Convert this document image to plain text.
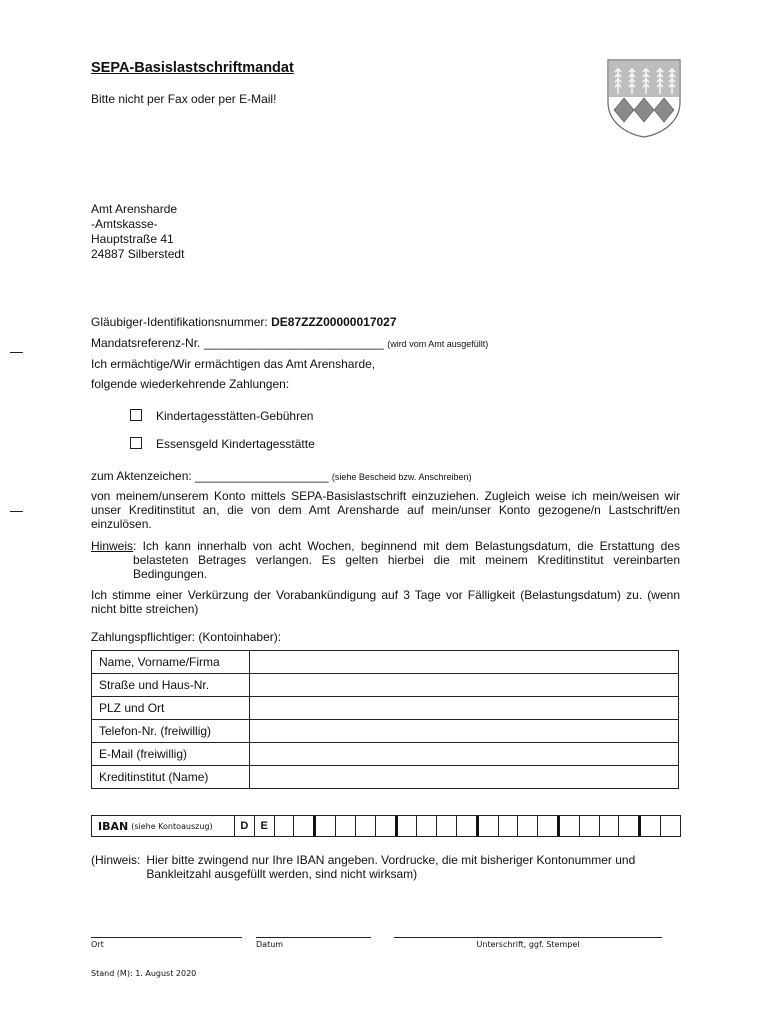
SEPA-Basislastschriftmandat
Bitte nicht per Fax oder per E-Mail!
Amt Arensharde
-Amtskasse-
Hauptstraße 41
24887 Silberstedt
Gläubiger-Identifikationsnummer: DE87ZZZ00000017027
Mandatsreferenz-Nr. ___________________________ (wird vom Amt ausgefüllt)
Ich ermächtige/Wir ermächtigen das Amt Arensharde,
folgende wiederkehrende Zahlungen:
Kindertagesstätten-Gebühren
Essensgeld Kindertagesstätte
zum Aktenzeichen: ____________________ (siehe Bescheid bzw. Anschreiben)
von meinem/unserem Konto mittels SEPA-Basislastschrift einzuziehen. Zugleich weise ich mein/weisen wir unser Kreditinstitut an, die von dem Amt Arensharde auf mein/unser Konto gezogene/n Lastschrift/en einzulösen.
Hinweis : Ich kann innerhalb von acht Wochen, beginnend mit dem Belastungsdatum, die Erstattung des belasteten Betrages verlangen. Es gelten hierbei die mit meinem Kreditinstitut vereinbarten Bedingungen.
Ich stimme einer Verkürzung der Vorabankündigung auf 3 Tage vor Fälligkeit (Belastungsdatum) zu. (wenn nicht bitte streichen)
Zahlungspflichtiger: (Kontoinhaber):
Name, Vorname/Firma	
Straße und Haus-Nr.	
PLZ und Ort	
Telefon-Nr. (freiwillig)	
E-Mail (freiwillig)	
Kreditinstitut (Name)	
IBAN (siehe Kontoauszug)	D	E
(Hinweis: Hier bitte zwingend nur Ihre IBAN angeben. Vordrucke, die mit bisheriger Kontonummer und Bankleitzahl ausgefüllt werden, sind nicht wirksam)
Ort	Datum	Unterschrift, ggf. Stempel
Stand (M): 1. August 2020
